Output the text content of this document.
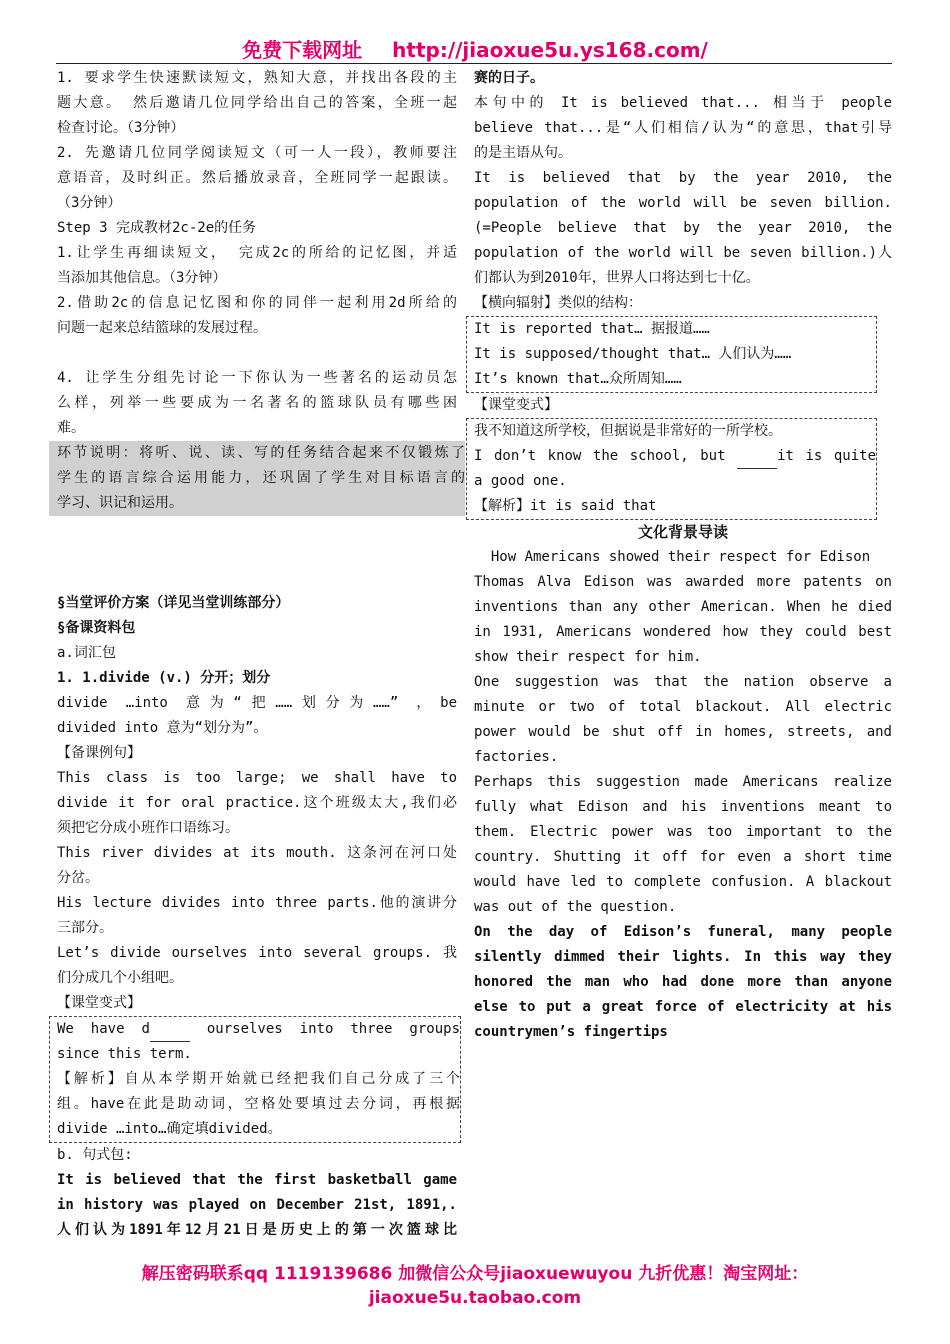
免费下载网址 http://jiaoxue5u.ys168.com/
1. 要求学生快速默读短文，熟知大意，并找出各段的主
题大意。 然后邀请几位同学给出自己的答案，全班一起
检查讨论。（3分钟）
2. 先邀请几位同学阅读短文（可一人一段），教师要注
意语音，及时纠正。然后播放录音，全班同学一起跟读。
（3分钟）
Step 3 完成教材2c-2e的任务
1.让学生再细读短文， 完成2c的所给的记忆图，并适
当添加其他信息。（3分钟）
2.借助2c的信息记忆图和你的同伴一起利用2d所给的
问题一起来总结篮球的发展过程。
4. 让学生分组先讨论一下你认为一些著名的运动员怎
么样，列举一些要成为一名著名的篮球队员有哪些困
难。
环节说明：将听、说、读、写的任务结合起来不仅锻炼了
学生的语言综合运用能力，还巩固了学生对目标语言的
学习、识记和运用。
§当堂评价方案（详见当堂训练部分）
§备课资料包
a.词汇包
1. 1.divide (v.) 分开；划分
divide …into 意为“把……划分为……” ，be
divided into 意为“划分为”。
【备课例句】
This class is too large; we shall have to
divide it for oral practice.这个班级太大,我们必
须把它分成小班作口语练习。
This river divides at its mouth. 这条河在河口处
分岔。
His lecture divides into three parts.他的演讲分
三部分。
Let’s divide ourselves into several groups. 我
们分成几个小组吧。
【课堂变式】
We have d	ourselves into three groups
since this term.
【解析】自从本学期开始就已经把我们自己分成了三个
组。have在此是助动词，空格处要填过去分词，再根据
divide …into…确定填divided。
b. 句式包:
It is believed that the first basketball game
in history was played on December 21st, 1891,.
人们认为1891年12月21日是历史上的第一次篮球比
赛的日子。
本句中的 It is believed that... 相当于 people
believe that...是“人们相信/认为“的意思，that引导
的是主语从句。
It is believed that by the year 2010, the
population of the world will be seven billion.
(=People believe that by the year 2010, the
population of the world will be seven billion.)人
们都认为到2010年，世界人口将达到七十亿。
【横向辐射】类似的结构：
It is reported that… 据报道……
It is supposed/thought that… 人们认为……
It’s known that…众所周知……
【课堂变式】
我不知道这所学校，但据说是非常好的一所学校。
I don’t know the school, but	it is quite
a good one.
【解析】it is said that
文化背景导读
How Americans showed their respect for Edison
Thomas Alva Edison was awarded more patents on
inventions than any other American. When he died
in 1931, Americans wondered how they could best
show their respect for him.
One suggestion was that the nation observe a
minute or two of total blackout. All electric
power would be shut off in homes, streets, and
factories.
Perhaps this suggestion made Americans realize
fully what Edison and his inventions meant to
them. Electric power was too important to the
country. Shutting it off for even a short time
would have led to complete confusion. A blackout
was out of the question.
On the day of Edison’s funeral, many people
silently dimmed their lights. In this way they
honored the man who had done more than anyone
else to put a great force of electricity at his
countrymen’s fingertips
解压密码联系qq 1119139686 加微信公众号jiaoxuewuyou 九折优惠！淘宝网址：
jiaoxue5u.taobao.com
